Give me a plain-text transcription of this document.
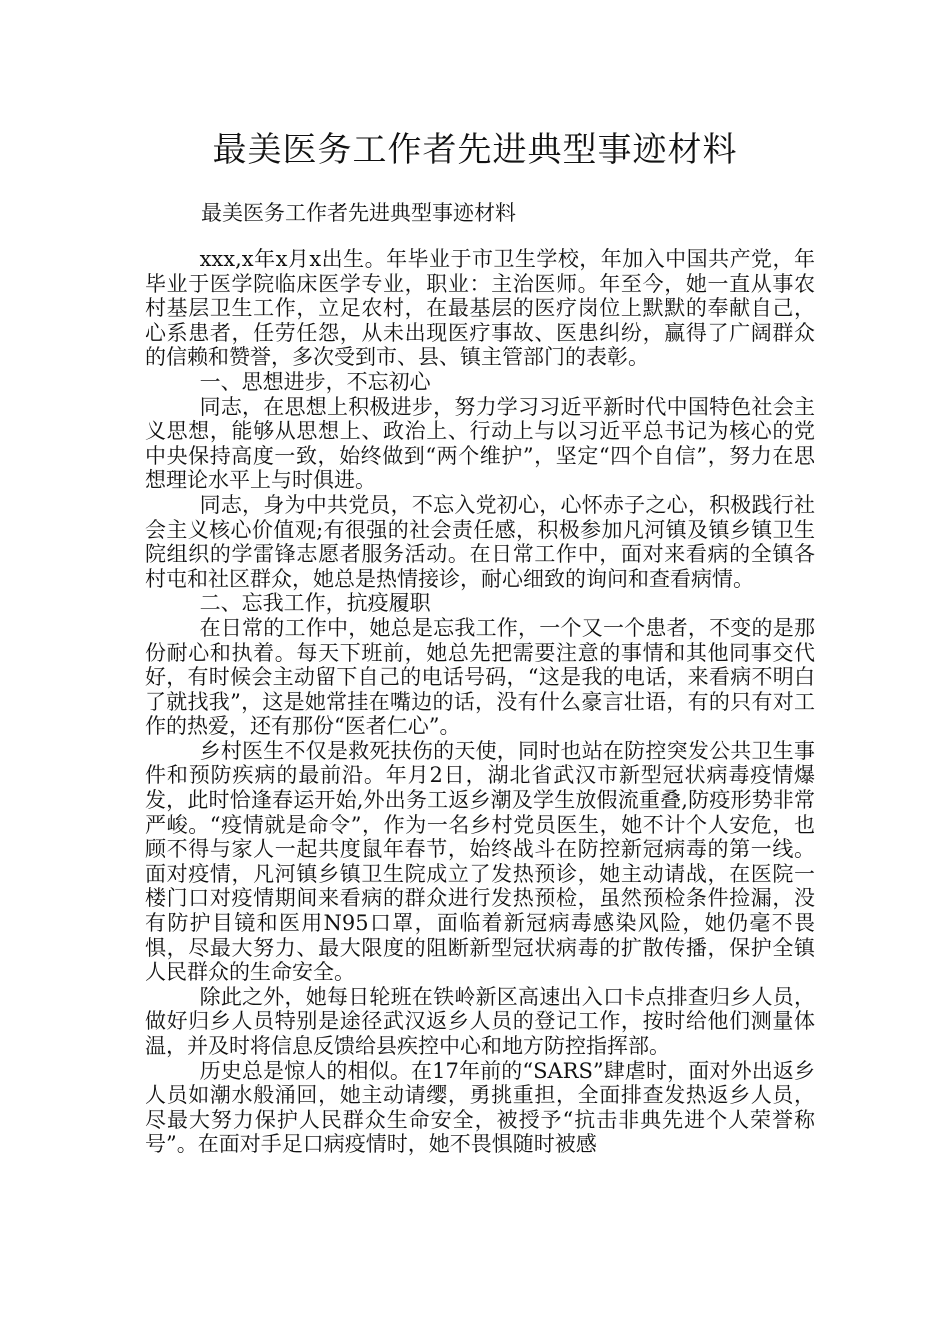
最美医务工作者先进典型事迹材料
最美医务工作者先进典型事迹材料

xxx,x年x月x出生。年毕业于市卫生学校，年加入中国共产党，年毕业于医学院临床医学专业，职业：主治医师。年至今，她一直从事农村基层卫生工作，立足农村，在最基层的医疗岗位上默默的奉献自己，心系患者，任劳任怨，从未出现医疗事故、医患纠纷，赢得了广阔群众的信赖和赞誉，多次受到市、县、镇主管部门的表彰。

一、思想进步，不忘初心

同志，在思想上积极进步，努力学习习近平新时代中国特色社会主义思想，能够从思想上、政治上、行动上与以习近平总书记为核心的党中央保持高度一致，始终做到“两个维护”，坚定“四个自信”，努力在思想理论水平上与时俱进。

同志，身为中共党员，不忘入党初心，心怀赤子之心，积极践行社会主义核心价值观;有很强的社会责任感，积极参加凡河镇及镇乡镇卫生院组织的学雷锋志愿者服务活动。在日常工作中，面对来看病的全镇各村屯和社区群众，她总是热情接诊，耐心细致的询问和查看病情。

二、忘我工作，抗疫履职

在日常的工作中，她总是忘我工作，一个又一个患者，不变的是那份耐心和执着。每天下班前，她总先把需要注意的事情和其他同事交代好，有时候会主动留下自己的电话号码，“这是我的电话，来看病不明白了就找我”，这是她常挂在嘴边的话，没有什么豪言壮语，有的只有对工作的热爱，还有那份“医者仁心”。

乡村医生不仅是救死扶伤的天使，同时也站在防控突发公共卫生事件和预防疾病的最前沿。年月2日，湖北省武汉市新型冠状病毒疫情爆发，此时恰逢春运开始,外出务工返乡潮及学生放假流重叠,防疫形势非常严峻。“疫情就是命令”，作为一名乡村党员医生，她不计个人安危，也顾不得与家人一起共度鼠年春节，始终战斗在防控新冠病毒的第一线。面对疫情，凡河镇乡镇卫生院成立了发热预诊，她主动请战，在医院一楼门口对疫情期间来看病的群众进行发热预检，虽然预检条件捡漏，没有防护目镜和医用N95口罩，面临着新冠病毒感染风险，她仍毫不畏惧，尽最大努力、最大限度的阻断新型冠状病毒的扩散传播，保护全镇人民群众的生命安全。

除此之外，她每日轮班在铁岭新区高速出入口卡点排查归乡人员，做好归乡人员特别是途径武汉返乡人员的登记工作，按时给他们测量体温，并及时将信息反馈给县疾控中心和地方防控指挥部。

历史总是惊人的相似。在17年前的“SARS”肆虐时，面对外出返乡人员如潮水般涌回，她主动请缨，勇挑重担，全面排查发热返乡人员，尽最大努力保护人民群众生命安全，被授予“抗击非典先进个人荣誉称号”。在面对手足口病疫情时，她不畏惧随时被感
